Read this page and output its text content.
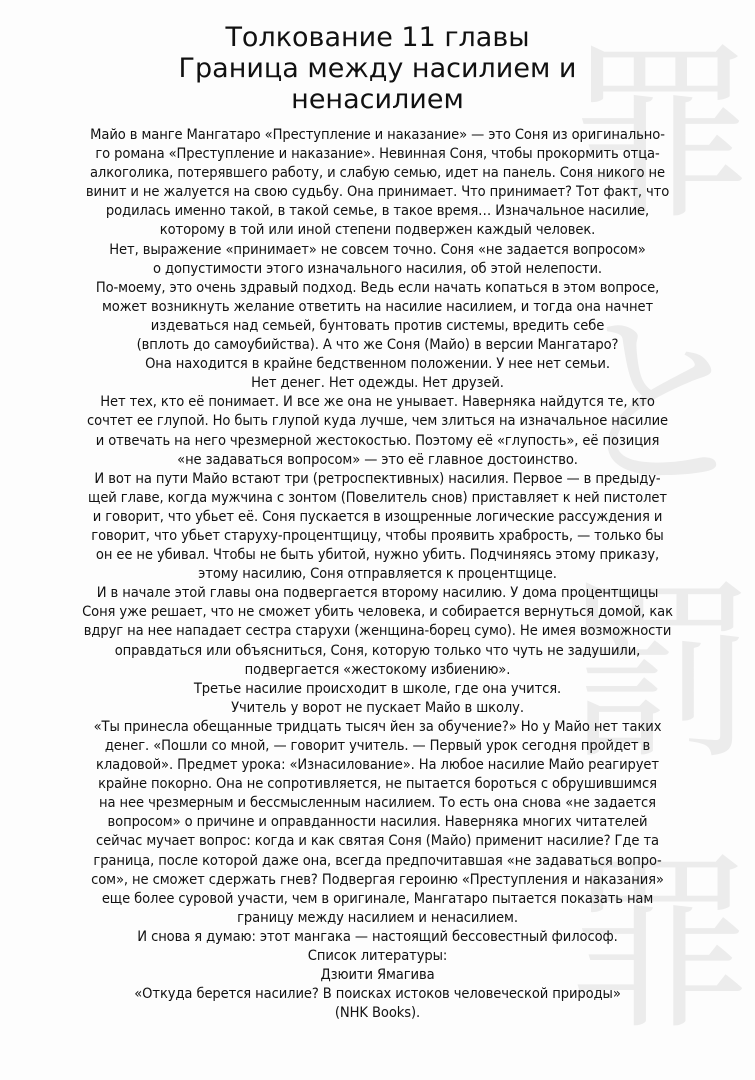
罪
と
罰
罪
Толкование 11 главы
Граница между насилием и
ненасилием
Майо в манге Мангатаро «Преступление и наказание» — это Соня из оригинально-
го романа «Преступление и наказание». Невинная Соня, чтобы прокормить отца-
алкоголика, потерявшего работу, и слабую семью, идет на панель. Соня никого не
винит и не жалуется на свою судьбу. Она принимает. Что принимает? Тот факт, что
родилась именно такой, в такой семье, в такое время… Изначальное насилие,
которому в той или иной степени подвержен каждый человек.
Нет, выражение «принимает» не совсем точно. Соня «не задается вопросом»
о допустимости этого изначального насилия, об этой нелепости.
По-моему, это очень здравый подход. Ведь если начать копаться в этом вопросе,
может возникнуть желание ответить на насилие насилием, и тогда она начнет
издеваться над семьей, бунтовать против системы, вредить себе
(вплоть до самоубийства). А что же Соня (Майо) в версии Мангатаро?
Она находится в крайне бедственном положении. У нее нет семьи.
Нет денег. Нет одежды. Нет друзей.
Нет тех, кто её понимает. И все же она не унывает. Наверняка найдутся те, кто
сочтет ее глупой. Но быть глупой куда лучше, чем злиться на изначальное насилие
и отвечать на него чрезмерной жестокостью. Поэтому её «глупость», её позиция
«не задаваться вопросом» — это её главное достоинство.
И вот на пути Майо встают три (ретроспективных) насилия. Первое — в предыду-
щей главе, когда мужчина с зонтом (Повелитель снов) приставляет к ней пистолет
и говорит, что убьет её. Соня пускается в изощренные логические рассуждения и
говорит, что убьет старуху-процентщицу, чтобы проявить храбрость, — только бы
он ее не убивал. Чтобы не быть убитой, нужно убить. Подчиняясь этому приказу,
этому насилию, Соня отправляется к процентщице.
И в начале этой главы она подвергается второму насилию. У дома процентщицы
Соня уже решает, что не сможет убить человека, и собирается вернуться домой, как
вдруг на нее нападает сестра старухи (женщина-борец сумо). Не имея возможности
оправдаться или объясниться, Соня, которую только что чуть не задушили,
подвергается «жестокому избиению».
Третье насилие происходит в школе, где она учится.
Учитель у ворот не пускает Майо в школу.
«Ты принесла обещанные тридцать тысяч йен за обучение?» Но у Майо нет таких
денег. «Пошли со мной, — говорит учитель. — Первый урок сегодня пройдет в
кладовой». Предмет урока: «Изнасилование». На любое насилие Майо реагирует
крайне покорно. Она не сопротивляется, не пытается бороться с обрушившимся
на нее чрезмерным и бессмысленным насилием. То есть она снова «не задается
вопросом» о причине и оправданности насилия. Наверняка многих читателей
сейчас мучает вопрос: когда и как святая Соня (Майо) применит насилие? Где та
граница, после которой даже она, всегда предпочитавшая «не задаваться вопро-
сом», не сможет сдержать гнев? Подвергая героиню «Преступления и наказания»
еще более суровой участи, чем в оригинале, Мангатаро пытается показать нам
границу между насилием и ненасилием.
И снова я думаю: этот мангака — настоящий бессовестный философ.
Список литературы:
Дзюити Ямагива
«Откуда берется насилие? В поисках истоков человеческой природы»
(NHK Books).
